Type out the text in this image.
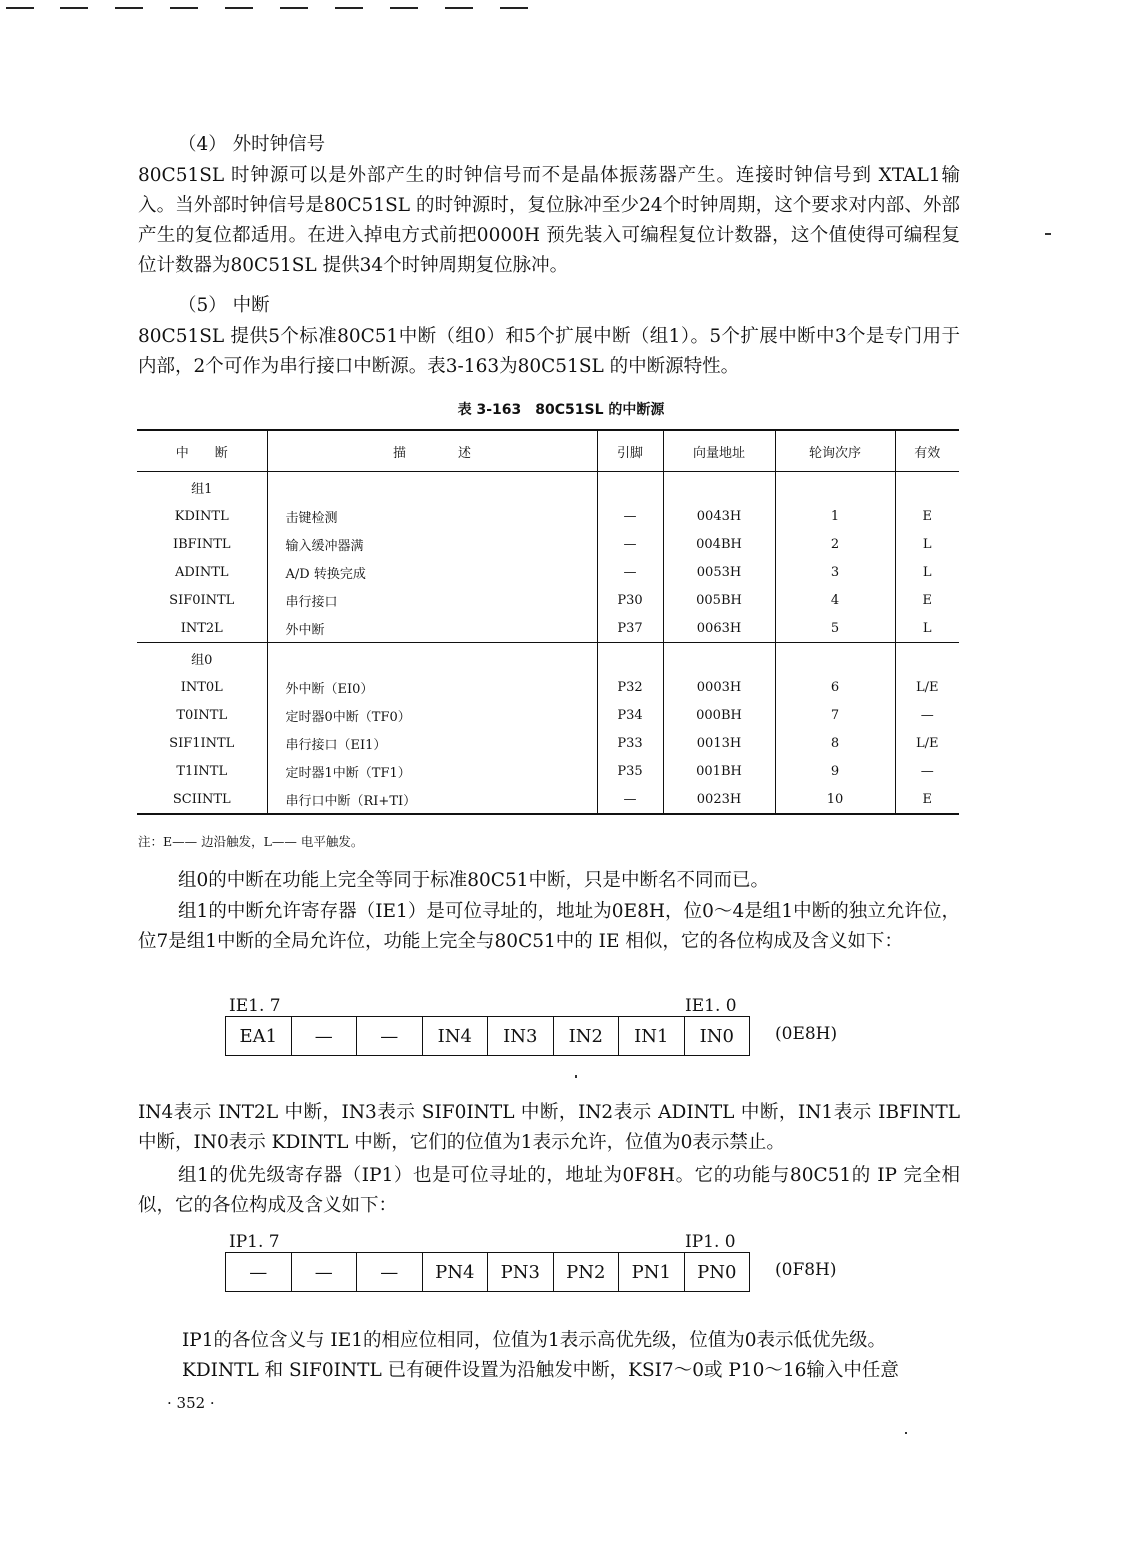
（4） 外时钟信号
80C51SL 时钟源可以是外部产生的时钟信号而不是晶体振荡器产生。连接时钟信号到 XTAL1输入。当外部时钟信号是80C51SL 的时钟源时，复位脉冲至少24个时钟周期，这个要求对内部、外部产生的复位都适用。在进入掉电方式前把0000H 预先装入可编程复位计数器，这个值使得可编程复位计数器为80C51SL 提供34个时钟周期复位脉冲。
（5） 中断
80C51SL 提供5个标准80C51中断（组0）和5个扩展中断（组1）。5个扩展中断中3个是专门用于内部，2个可作为串行接口中断源。表3-163为80C51SL 的中断源特性。
表 3-163　80C51SL 的中断源
中　　断	描　　　　述	引脚	向量地址	轮询次序	有效
组1					
KDINTL	击键检测	—	0043H	1	E
IBFINTL	输入缓冲器满	—	004BH	2	L
ADINTL	A/D 转换完成	—	0053H	3	L
SIF0INTL	串行接口	P30	005BH	4	E
INT2L	外中断	P37	0063H	5	L
组0					
INT0L	外中断（EI0）	P32	0003H	6	L/E
T0INTL	定时器0中断（TF0）	P34	000BH	7	—
SIF1INTL	串行接口（EI1）	P33	0013H	8	L/E
T1INTL	定时器1中断（TF1）	P35	001BH	9	—
SCIINTL	串行口中断（RI+TI）	—	0023H	10	E
注：E—— 边沿触发，L—— 电平触发。
组0的中断在功能上完全等同于标准80C51中断，只是中断名不同而已。
组1的中断允许寄存器（IE1）是可位寻址的，地址为0E8H，位0～4是组1中断的独立允许位，位7是组1中断的全局允许位，功能上完全与80C51中的 IE 相似，它的各位构成及含义如下：
IE1. 7	IE1. 0
EA1	—	—	IN4	IN3	IN2	IN1	IN0	(0E8H)
IN4表示 INT2L 中断，IN3表示 SIF0INTL 中断，IN2表示 ADINTL 中断，IN1表示 IBFINTL 中断，IN0表示 KDINTL 中断，它们的位值为1表示允许，位值为0表示禁止。
组1的优先级寄存器（IP1）也是可位寻址的，地址为0F8H。它的功能与80C51的 IP 完全相似，它的各位构成及含义如下：
IP1. 7	IP1. 0
—	—	—	PN4	PN3	PN2	PN1	PN0	(0F8H)
IP1的各位含义与 IE1的相应位相同，位值为1表示高优先级，位值为0表示低优先级。
KDINTL 和 SIF0INTL 已有硬件设置为沿触发中断，KSI7～0或 P10～16输入中任意
· 352 ·
